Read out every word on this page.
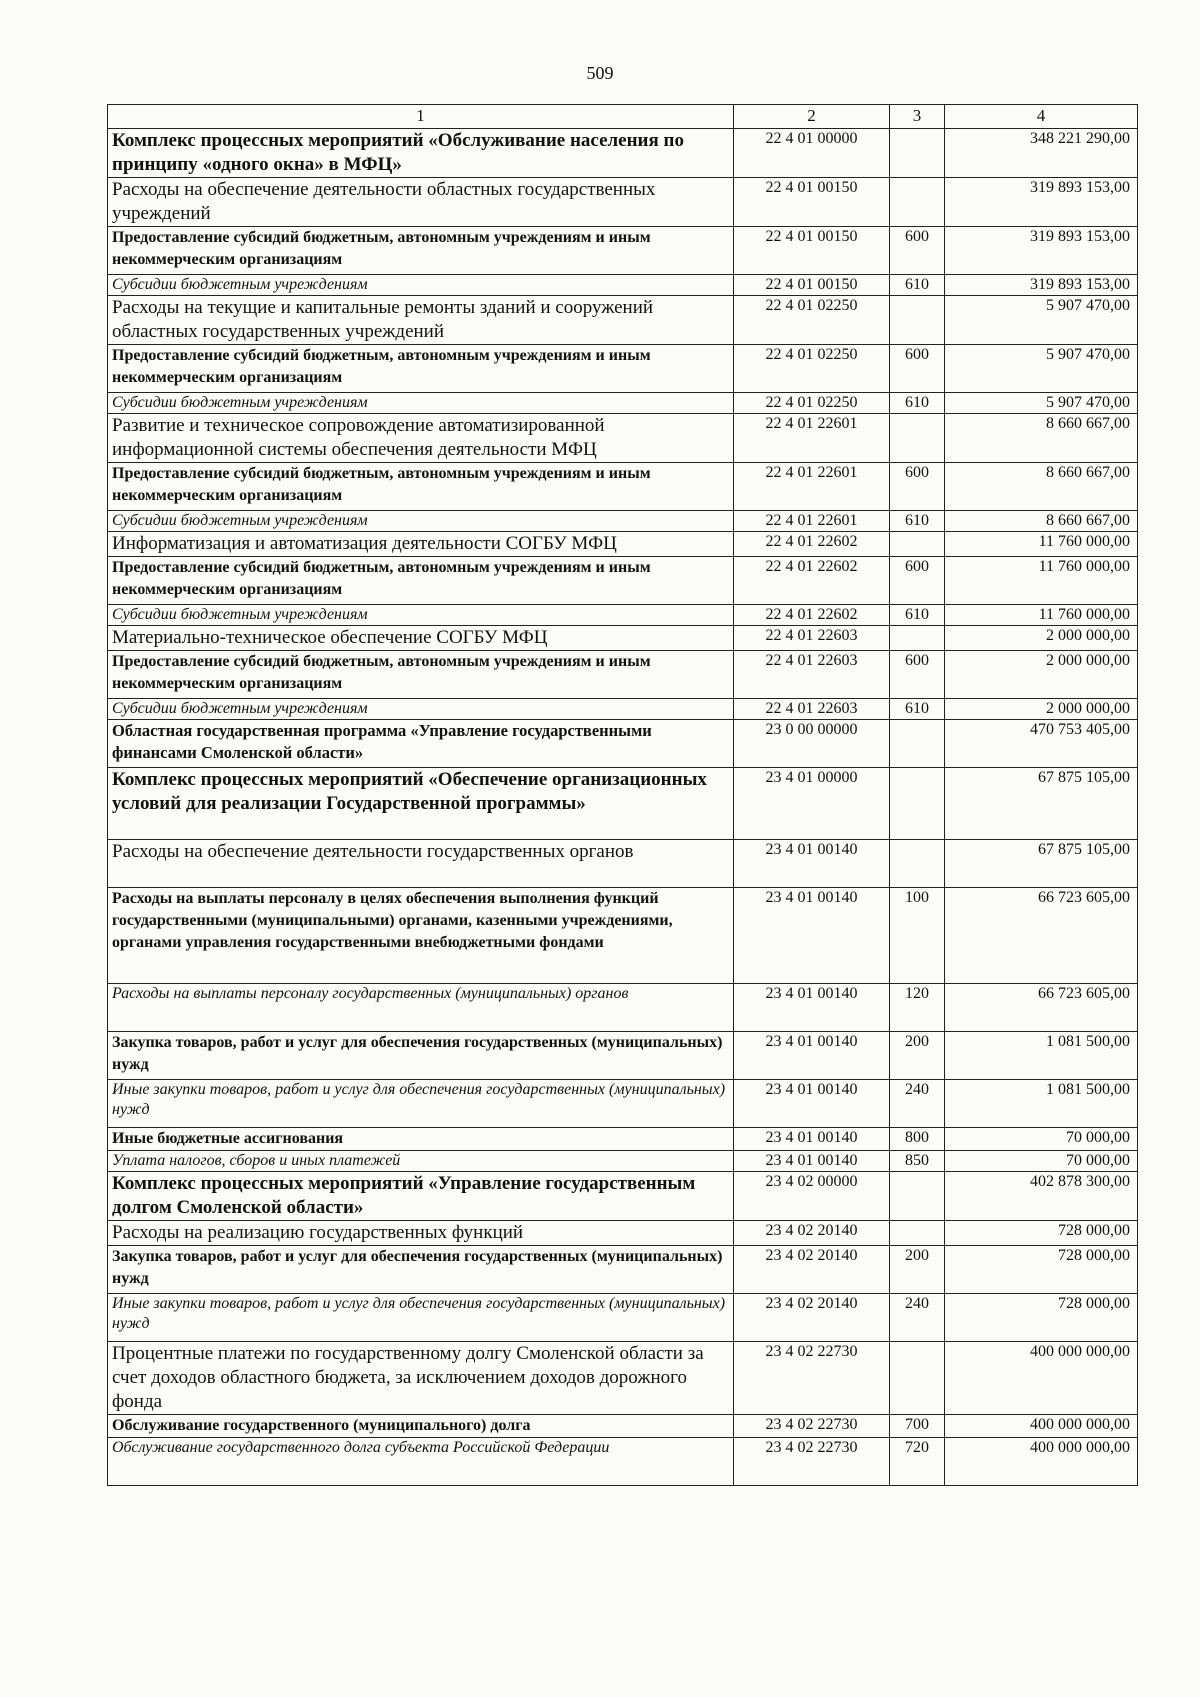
509
1	2	3	4
Комплекс процессных мероприятий «Обслуживание населения по принципу «одного окна» в МФЦ»	22 4 01 00000		348 221 290,00
Расходы на обеспечение деятельности областных государственных учреждений	22 4 01 00150		319 893 153,00
Предоставление субсидий бюджетным, автономным учреждениям и иным некоммерческим организациям	22 4 01 00150	600	319 893 153,00
Субсидии бюджетным учреждениям	22 4 01 00150	610	319 893 153,00
Расходы на текущие и капитальные ремонты зданий и сооружений областных государственных учреждений	22 4 01 02250		5 907 470,00
Предоставление субсидий бюджетным, автономным учреждениям и иным некоммерческим организациям	22 4 01 02250	600	5 907 470,00
Субсидии бюджетным учреждениям	22 4 01 02250	610	5 907 470,00
Развитие и техническое сопровождение автоматизированной информационной системы обеспечения деятельности МФЦ	22 4 01 22601		8 660 667,00
Предоставление субсидий бюджетным, автономным учреждениям и иным некоммерческим организациям	22 4 01 22601	600	8 660 667,00
Субсидии бюджетным учреждениям	22 4 01 22601	610	8 660 667,00
Информатизация и автоматизация деятельности СОГБУ МФЦ	22 4 01 22602		11 760 000,00
Предоставление субсидий бюджетным, автономным учреждениям и иным некоммерческим организациям	22 4 01 22602	600	11 760 000,00
Субсидии бюджетным учреждениям	22 4 01 22602	610	11 760 000,00
Материально-техническое обеспечение СОГБУ МФЦ	22 4 01 22603		2 000 000,00
Предоставление субсидий бюджетным, автономным учреждениям и иным некоммерческим организациям	22 4 01 22603	600	2 000 000,00
Субсидии бюджетным учреждениям	22 4 01 22603	610	2 000 000,00
Областная государственная программа «Управление государственными финансами Смоленской области»	23 0 00 00000		470 753 405,00
Комплекс процессных мероприятий «Обеспечение организационных условий для реализации Государственной программы»	23 4 01 00000		67 875 105,00
Расходы на обеспечение деятельности государственных органов	23 4 01 00140		67 875 105,00
Расходы на выплаты персоналу в целях обеспечения выполнения функций государственными (муниципальными) органами, казенными учреждениями, органами управления государственными внебюджетными фондами	23 4 01 00140	100	66 723 605,00
Расходы на выплаты персоналу государственных (муниципальных) органов	23 4 01 00140	120	66 723 605,00
Закупка товаров, работ и услуг для обеспечения государственных (муниципальных) нужд	23 4 01 00140	200	1 081 500,00
Иные закупки товаров, работ и услуг для обеспечения государственных (муниципальных) нужд	23 4 01 00140	240	1 081 500,00
Иные бюджетные ассигнования	23 4 01 00140	800	70 000,00
Уплата налогов, сборов и иных платежей	23 4 01 00140	850	70 000,00
Комплекс процессных мероприятий «Управление государственным долгом Смоленской области»	23 4 02 00000		402 878 300,00
Расходы на реализацию государственных функций	23 4 02 20140		728 000,00
Закупка товаров, работ и услуг для обеспечения государственных (муниципальных) нужд	23 4 02 20140	200	728 000,00
Иные закупки товаров, работ и услуг для обеспечения государственных (муниципальных) нужд	23 4 02 20140	240	728 000,00
Процентные платежи по государственному долгу Смоленской области за счет доходов областного бюджета, за исключением доходов дорожного фонда	23 4 02 22730		400 000 000,00
Обслуживание государственного (муниципального) долга	23 4 02 22730	700	400 000 000,00
Обслуживание государственного долга субъекта Российской Федерации	23 4 02 22730	720	400 000 000,00
